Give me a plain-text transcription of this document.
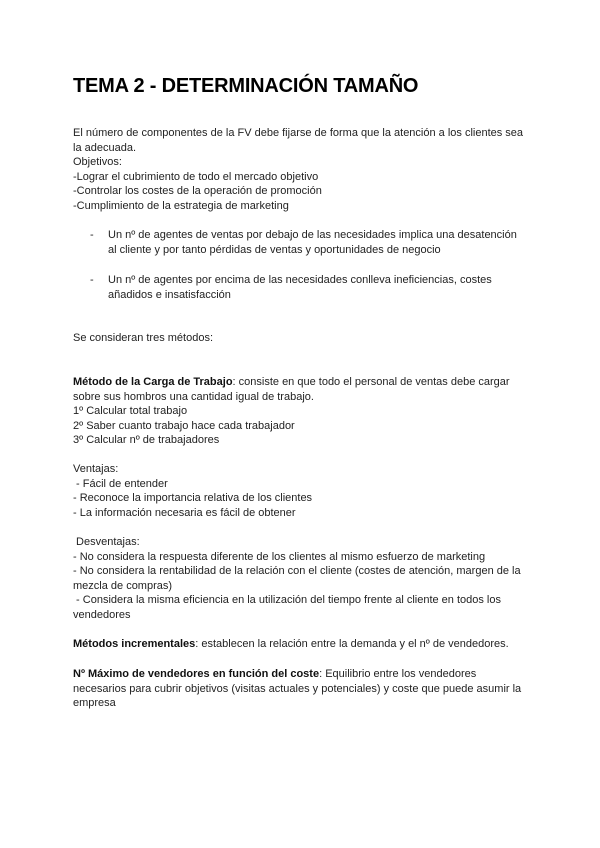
TEMA 2 - DETERMINACIÓN TAMAÑO
El número de componentes de la FV debe fijarse de forma que la atención a los clientes sea
la adecuada.
Objetivos:
-Lograr el cubrimiento de todo el mercado objetivo
-Controlar los costes de la operación de promoción
-Cumplimiento de la estrategia de marketing
- Un nº de agentes de ventas por debajo de las necesidades implica una desatención
al cliente y por tanto pérdidas de ventas y oportunidades de negocio
- Un nº de agentes por encima de las necesidades conlleva ineficiencias, costes
añadidos e insatisfacción
Se consideran tres métodos:
Método de la Carga de Trabajo: consiste en que todo el personal de ventas debe cargar
sobre sus hombros una cantidad igual de trabajo.
1º Calcular total trabajo
2º Saber cuanto trabajo hace cada trabajador
3º Calcular nº de trabajadores
Ventajas:
- Fácil de entender
- Reconoce la importancia relativa de los clientes
- La información necesaria es fácil de obtener
Desventajas:
- No considera la respuesta diferente de los clientes al mismo esfuerzo de marketing
- No considera la rentabilidad de la relación con el cliente (costes de atención, margen de la
mezcla de compras)
- Considera la misma eficiencia en la utilización del tiempo frente al cliente en todos los
vendedores
Métodos incrementales: establecen la relación entre la demanda y el nº de vendedores.
Nº Máximo de vendedores en función del coste: Equilibrio entre los vendedores
necesarios para cubrir objetivos (visitas actuales y potenciales) y coste que puede asumir la
empresa
